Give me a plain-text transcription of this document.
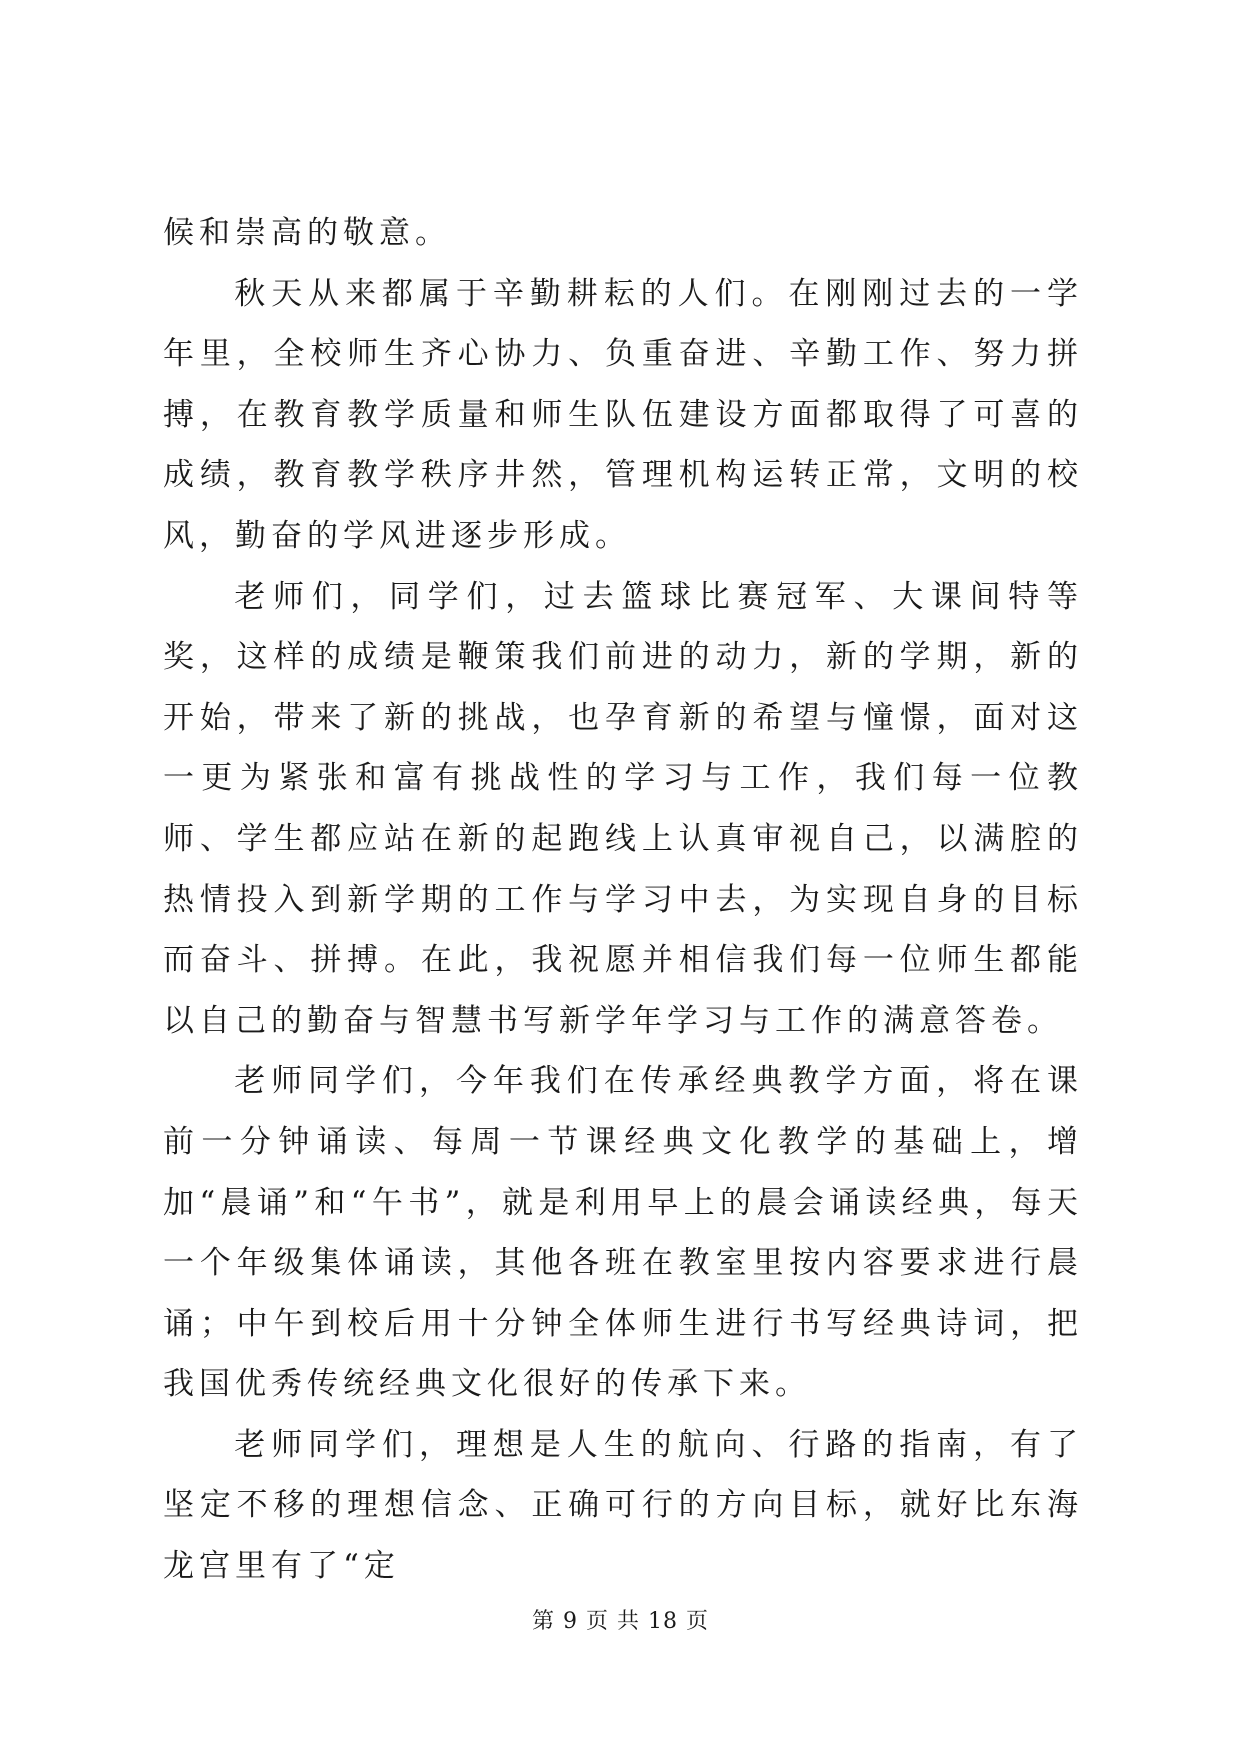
候和崇高的敬意。

秋天从来都属于辛勤耕耘的人们。在刚刚过去的一学年里，全校师生齐心协力、负重奋进、辛勤工作、努力拼搏，在教育教学质量和师生队伍建设方面都取得了可喜的成绩，教育教学秩序井然，管理机构运转正常，文明的校风，勤奋的学风进逐步形成。

老师们，同学们，过去篮球比赛冠军、大课间特等奖，这样的成绩是鞭策我们前进的动力，新的学期，新的开始，带来了新的挑战，也孕育新的希望与憧憬，面对这一更为紧张和富有挑战性的学习与工作，我们每一位教师、学生都应站在新的起跑线上认真审视自己，以满腔的热情投入到新学期的工作与学习中去，为实现自身的目标而奋斗、拼搏。在此，我祝愿并相信我们每一位师生都能以自己的勤奋与智慧书写新学年学习与工作的满意答卷。

老师同学们，今年我们在传承经典教学方面，将在课前一分钟诵读、每周一节课经典文化教学的基础上，增加“晨诵”和“午书”，就是利用早上的晨会诵读经典，每天一个年级集体诵读，其他各班在教室里按内容要求进行晨诵；中午到校后用十分钟全体师生进行书写经典诗词，把我国优秀传统经典文化很好的传承下来。

老师同学们，理想是人生的航向、行路的指南，有了坚定不移的理想信念、正确可行的方向目标，就好比东海龙宫里有了“定

第 9 页 共 18 页
